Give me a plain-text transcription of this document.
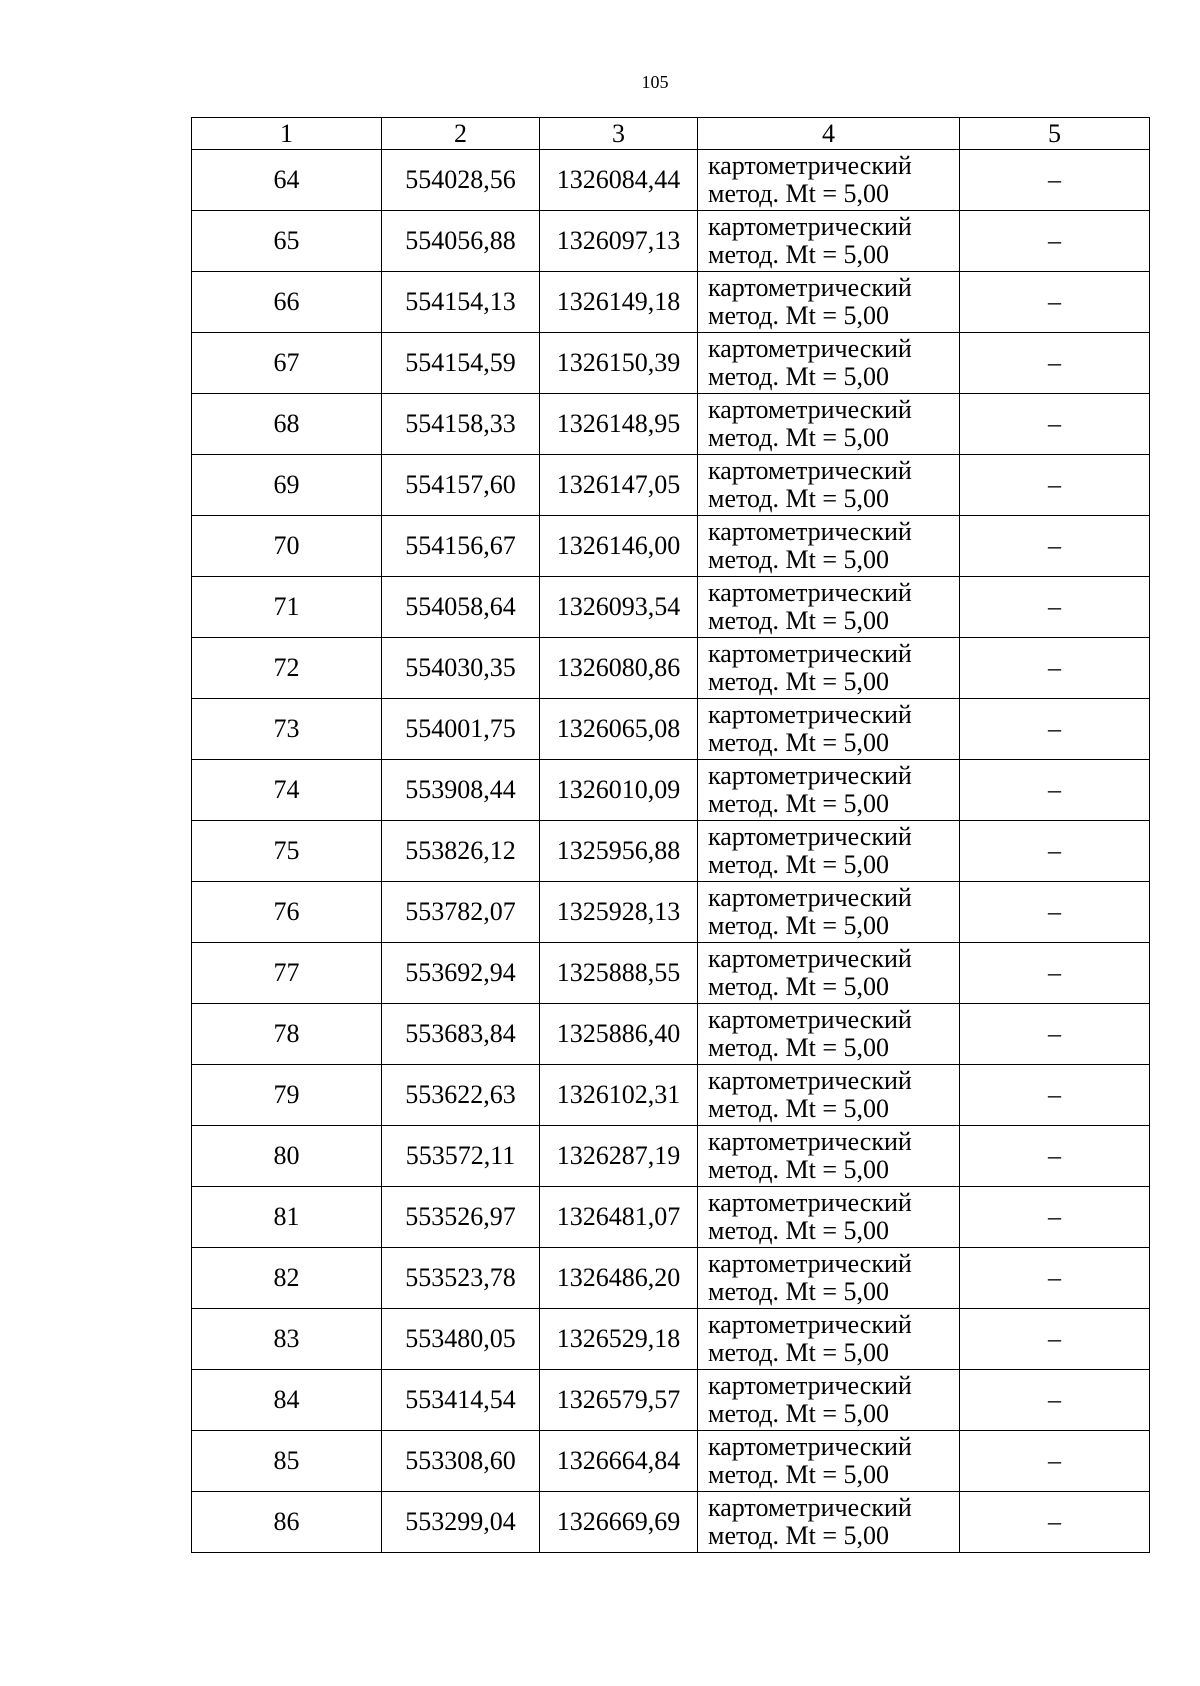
105
1	2	3	4	5
64	554028,56	1326084,44	картометрический
метод. Mt = 5,00	–
65	554056,88	1326097,13	картометрический
метод. Mt = 5,00	–
66	554154,13	1326149,18	картометрический
метод. Mt = 5,00	–
67	554154,59	1326150,39	картометрический
метод. Mt = 5,00	–
68	554158,33	1326148,95	картометрический
метод. Mt = 5,00	–
69	554157,60	1326147,05	картометрический
метод. Mt = 5,00	–
70	554156,67	1326146,00	картометрический
метод. Mt = 5,00	–
71	554058,64	1326093,54	картометрический
метод. Mt = 5,00	–
72	554030,35	1326080,86	картометрический
метод. Mt = 5,00	–
73	554001,75	1326065,08	картометрический
метод. Mt = 5,00	–
74	553908,44	1326010,09	картометрический
метод. Mt = 5,00	–
75	553826,12	1325956,88	картометрический
метод. Mt = 5,00	–
76	553782,07	1325928,13	картометрический
метод. Mt = 5,00	–
77	553692,94	1325888,55	картометрический
метод. Mt = 5,00	–
78	553683,84	1325886,40	картометрический
метод. Mt = 5,00	–
79	553622,63	1326102,31	картометрический
метод. Mt = 5,00	–
80	553572,11	1326287,19	картометрический
метод. Mt = 5,00	–
81	553526,97	1326481,07	картометрический
метод. Mt = 5,00	–
82	553523,78	1326486,20	картометрический
метод. Mt = 5,00	–
83	553480,05	1326529,18	картометрический
метод. Mt = 5,00	–
84	553414,54	1326579,57	картометрический
метод. Mt = 5,00	–
85	553308,60	1326664,84	картометрический
метод. Mt = 5,00	–
86	553299,04	1326669,69	картометрический
метод. Mt = 5,00	–
